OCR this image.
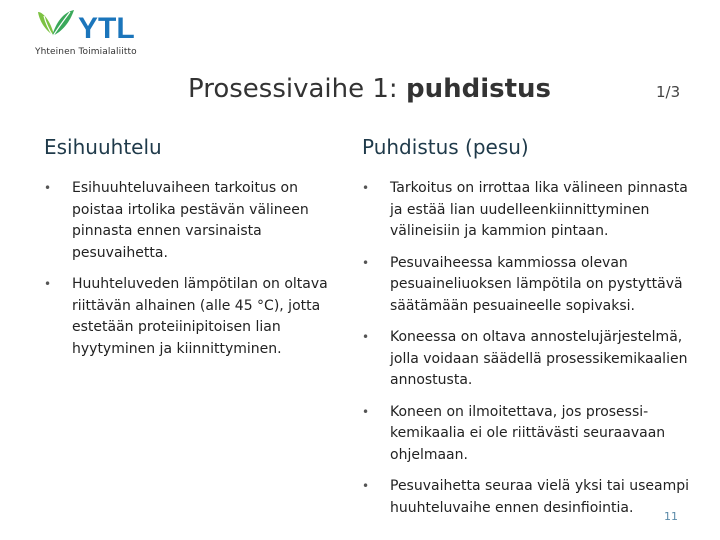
YTL
Yhteinen Toimialaliitto
Prosessivaihe 1: puhdistus	1/3
Esihuuhtelu
• Esihuuhteluvaiheen tarkoitus on poistaa irtolika pestävän välineen pinnasta ennen varsinaista pesuvaihetta.
• Huuhteluveden lämpötilan on oltava riittävän alhainen (alle 45 °C), jotta estetään proteiinipitoisen lian hyytyminen ja kiinnittyminen.
Puhdistus (pesu)
• Tarkoitus on irrottaa lika välineen pinnasta ja estää lian uudelleenkiinnittyminen välineisiin ja kammion pintaan.
• Pesuvaiheessa kammiossa olevan pesuaineliuoksen lämpötila on pystyttävä säätämään pesuaineelle sopivaksi.
• Koneessa on oltava annostelujärjestelmä, jolla voidaan säädellä prosessikemikaalien annostusta.
• Koneen on ilmoitettava, jos prosessi-kemikaalia ei ole riittävästi seuraavaan ohjelmaan.
• Pesuvaihetta seuraa vielä yksi tai useampi huuhteluvaihe ennen desinfiointia.
11
